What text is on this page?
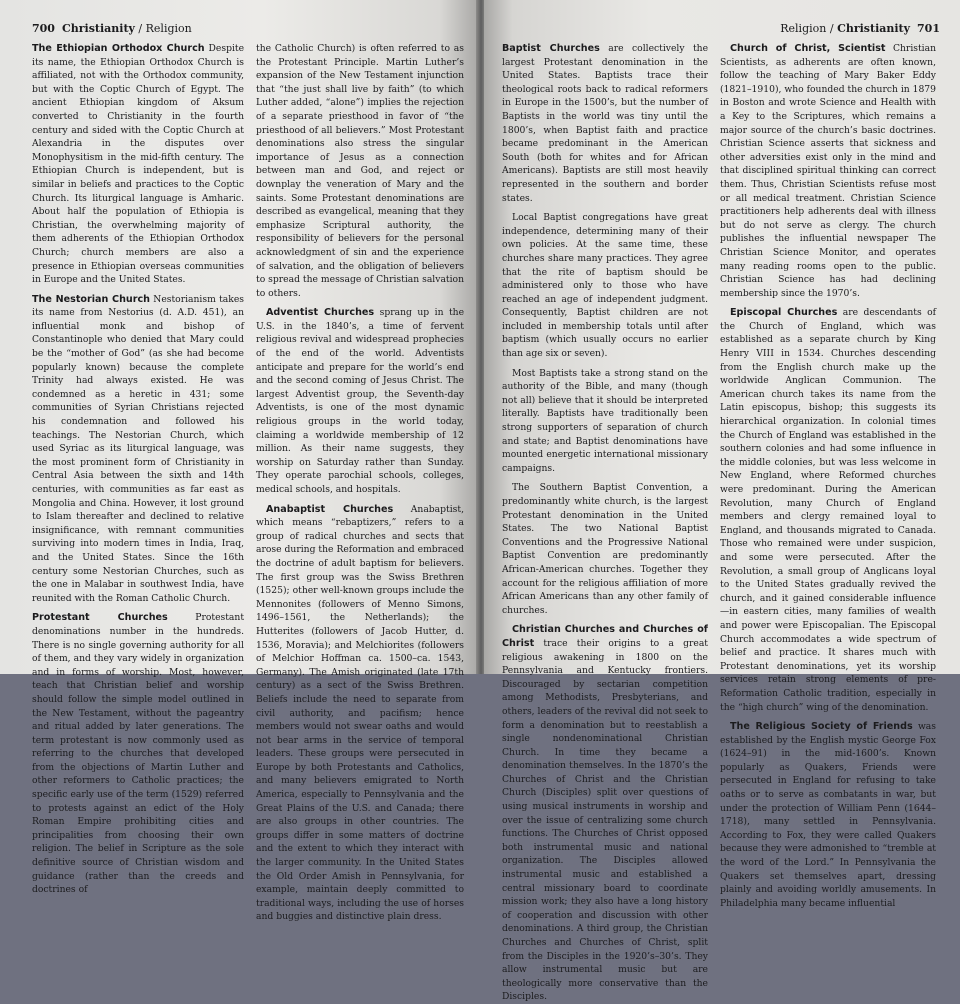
700 Christianity / Religion

The Ethiopian Orthodox Church Despite its name, the Ethiopian Orthodox Church is affiliated, not with the Orthodox community, but with the Coptic Church of Egypt. The ancient Ethiopian kingdom of Aksum converted to Christianity in the fourth century and sided with the Coptic Church at Alexandria in the disputes over Monophysitism in the mid-fifth century. The Ethiopian Church is independent, but is similar in beliefs and practices to the Coptic Church. Its liturgical language is Amharic. About half the population of Ethiopia is Christian, the overwhelming majority of them adherents of the Ethiopian Orthodox Church; church members are also a presence in Ethiopian overseas communities in Europe and the United States.

The Nestorian Church Nestorianism takes its name from Nestorius (d. A.D. 451), an influential monk and bishop of Constantinople who denied that Mary could be the “mother of God” (as she had become popularly known) because the complete Trinity had always existed. He was condemned as a heretic in 431; some communities of Syrian Christians rejected his condemnation and followed his teachings. The Nestorian Church, which used Syriac as its liturgical language, was the most prominent form of Christianity in Central Asia between the sixth and 14th centuries, with communities as far east as Mongolia and China. However, it lost ground to Islam thereafter and declined to relative insignificance, with remnant communities surviving into modern times in India, Iraq, and the United States. Since the 16th century some Nestorian Churches, such as the one in Malabar in southwest India, have reunited with the Roman Catholic Church.

Protestant Churches	Protestant denominations number in the hundreds. There is no single governing authority for all of them, and they vary widely in organization and in forms of worship. Most, however, teach that Christian belief and worship should follow the simple model outlined in the New Testament, without the pageantry and ritual added by later generations. The term protestant is now commonly used as referring to the churches that developed from the objections of Martin Luther and other reformers to Catholic practices; the specific early use of the term (1529) referred to protests against an edict of the Holy Roman Empire prohibiting cities and principalities from choosing their own religion. The belief in Scripture as the sole definitive source of Christian wisdom and guidance (rather than the creeds and doctrines of

the Catholic Church) is often referred to as the Protestant Principle. Martin Luther’s expansion of the New Testament injunction that “the just shall live by faith” (to which Luther added, “alone”) implies the rejection of a separate priesthood in favor of “the priesthood of all believers.” Most Protestant denominations also stress the singular importance of Jesus as a connection between man and God, and reject or downplay the veneration of Mary and the saints. Some Protestant denominations are described as evangelical, meaning that they emphasize Scriptural authority, the responsibility of believers for the personal acknowledgment of sin and the experience of salvation, and the obligation of believers to spread the message of Christian salvation to others.

Adventist Churches sprang up in the U.S. in the 1840’s, a time of fervent religious revival and widespread prophecies of the end of the world. Adventists anticipate and prepare for the world’s end and the second coming of Jesus Christ. The largest Adventist group, the Seventh-day Adventists, is one of the most dynamic religious groups in the world today, claiming a worldwide membership of 12 million. As their name suggests, they worship on Saturday rather than Sunday. They operate parochial schools, colleges, medical schools, and hospitals.

Anabaptist Churches Anabaptist, which means “rebaptizers,” refers to a group of radical churches and sects that arose during the Reformation and embraced the doctrine of adult baptism for believers. The first group was the Swiss Brethren (1525); other well-known groups include the Mennonites (followers of Menno Simons, 1496–1561, the Netherlands); the Hutterites (followers of Jacob Hutter, d. 1536, Moravia); and Melchiorites (followers of Melchior Hoffman ca. 1500–ca. 1543, Germany). The Amish originated (late 17th century) as a sect of the Swiss Brethren. Beliefs include the need to separate from civil authority, and pacifism; hence members would not swear oaths and would not bear arms in the service of temporal leaders. These groups were persecuted in Europe by both Protestants and Catholics, and many believers emigrated to North America, especially to Pennsylvania and the Great Plains of the U.S. and Canada; there are also groups in other countries. The groups differ in some matters of doctrine and the extent to which they interact with the larger community. In the United States the Old Order Amish in Pennsylvania, for example, maintain deeply committed to traditional ways, including the use of horses and buggies and distinctive plain dress.

Religion / Christianity 701

Baptist Churches are collectively the largest Protestant denomination in the United States. Baptists trace their theological roots back to radical reformers in Europe in the 1500’s, but the number of Baptists in the world was tiny until the 1800’s, when Baptist faith and practice became predominant in the American South (both for whites and for African Americans). Baptists are still most heavily represented in the southern and border states.

Local Baptist congregations have great independence, determining many of their own policies. At the same time, these churches share many practices. They agree that the rite of baptism should be administered only to those who have reached an age of independent judgment. Consequently, Baptist children are not included in membership totals until after baptism (which usually occurs no earlier than age six or seven).

Most Baptists take a strong stand on the authority of the Bible, and many (though not all) believe that it should be interpreted literally. Baptists have traditionally been strong supporters of separation of church and state; and Baptist denominations have mounted energetic international missionary campaigns.

The Southern Baptist Convention, a predominantly white church, is the largest Protestant denomination in the United States. The two National Baptist Conventions and the Progressive National Baptist Convention are predominantly African-American churches. Together they account for the religious affiliation of more African Americans than any other family of churches.

Christian Churches and Churches of Christ trace their origins to a great religious awakening in 1800 on the Pennsylvania and Kentucky frontiers. Discouraged by sectarian competition among Methodists, Presbyterians, and others, leaders of the revival did not seek to form a denomination but to reestablish a single nondenominational Christian Church. In time they became a denomination themselves. In the 1870’s the Churches of Christ and the Christian Church (Disciples) split over questions of using musical instruments in worship and over the issue of centralizing some church functions. The Churches of Christ opposed both instrumental music and national organization. The Disciples allowed instrumental music and established a central missionary board to coordinate mission work; they also have a long history of cooperation and discussion with other denominations. A third group, the Christian Churches and Churches of Christ, split from the Disciples in the 1920’s–30’s. They allow instrumental music but are theologically more conservative than the Disciples.

Church of Christ, Scientist Christian Scientists, as adherents are often known, follow the teaching of Mary Baker Eddy (1821–1910), who founded the church in 1879 in Boston and wrote Science and Health with a Key to the Scriptures, which remains a major source of the church’s basic doctrines. Christian Science asserts that sickness and other adversities exist only in the mind and that disciplined spiritual thinking can correct them. Thus, Christian Scientists refuse most or all medical treatment. Christian Science practitioners help adherents deal with illness but do not serve as clergy. The church publishes the influential newspaper The Christian Science Monitor, and operates many reading rooms open to the public. Christian Science has had declining membership since the 1970’s.

Episcopal Churches are descendants of the Church of England, which was established as a separate church by King Henry VIII in 1534. Churches descending from the English church make up the worldwide Anglican Communion. The American church takes its name from the Latin episcopus, bishop; this suggests its hierarchical organization. In colonial times the Church of England was established in the southern colonies and had some influence in the middle colonies, but was less welcome in New England, where Reformed churches were predominant. During the American Revolution, many Church of England members and clergy remained loyal to England, and thousands migrated to Canada. Those who remained were under suspicion, and some were persecuted. After the Revolution, a small group of Anglicans loyal to the United States gradually revived the church, and it gained considerable influence—in eastern cities, many families of wealth and power were Episcopalian. The Episcopal Church accommodates a wide spectrum of belief and practice. It shares much with Protestant denominations, yet its worship services retain strong elements of pre-Reformation Catholic tradition, especially in the “high church” wing of the denomination.

The Religious Society of Friends was established by the English mystic George Fox (1624–91) in the mid-1600’s. Known popularly as Quakers, Friends were persecuted in England for refusing to take oaths or to serve as combatants in war, but under the protection of William Penn (1644–1718), many settled in Pennsylvania. According to Fox, they were called Quakers because they were admonished to “tremble at the word of the Lord.” In Pennsylvania the Quakers set themselves apart, dressing plainly and avoiding worldly amusements. In Philadelphia many became influential
